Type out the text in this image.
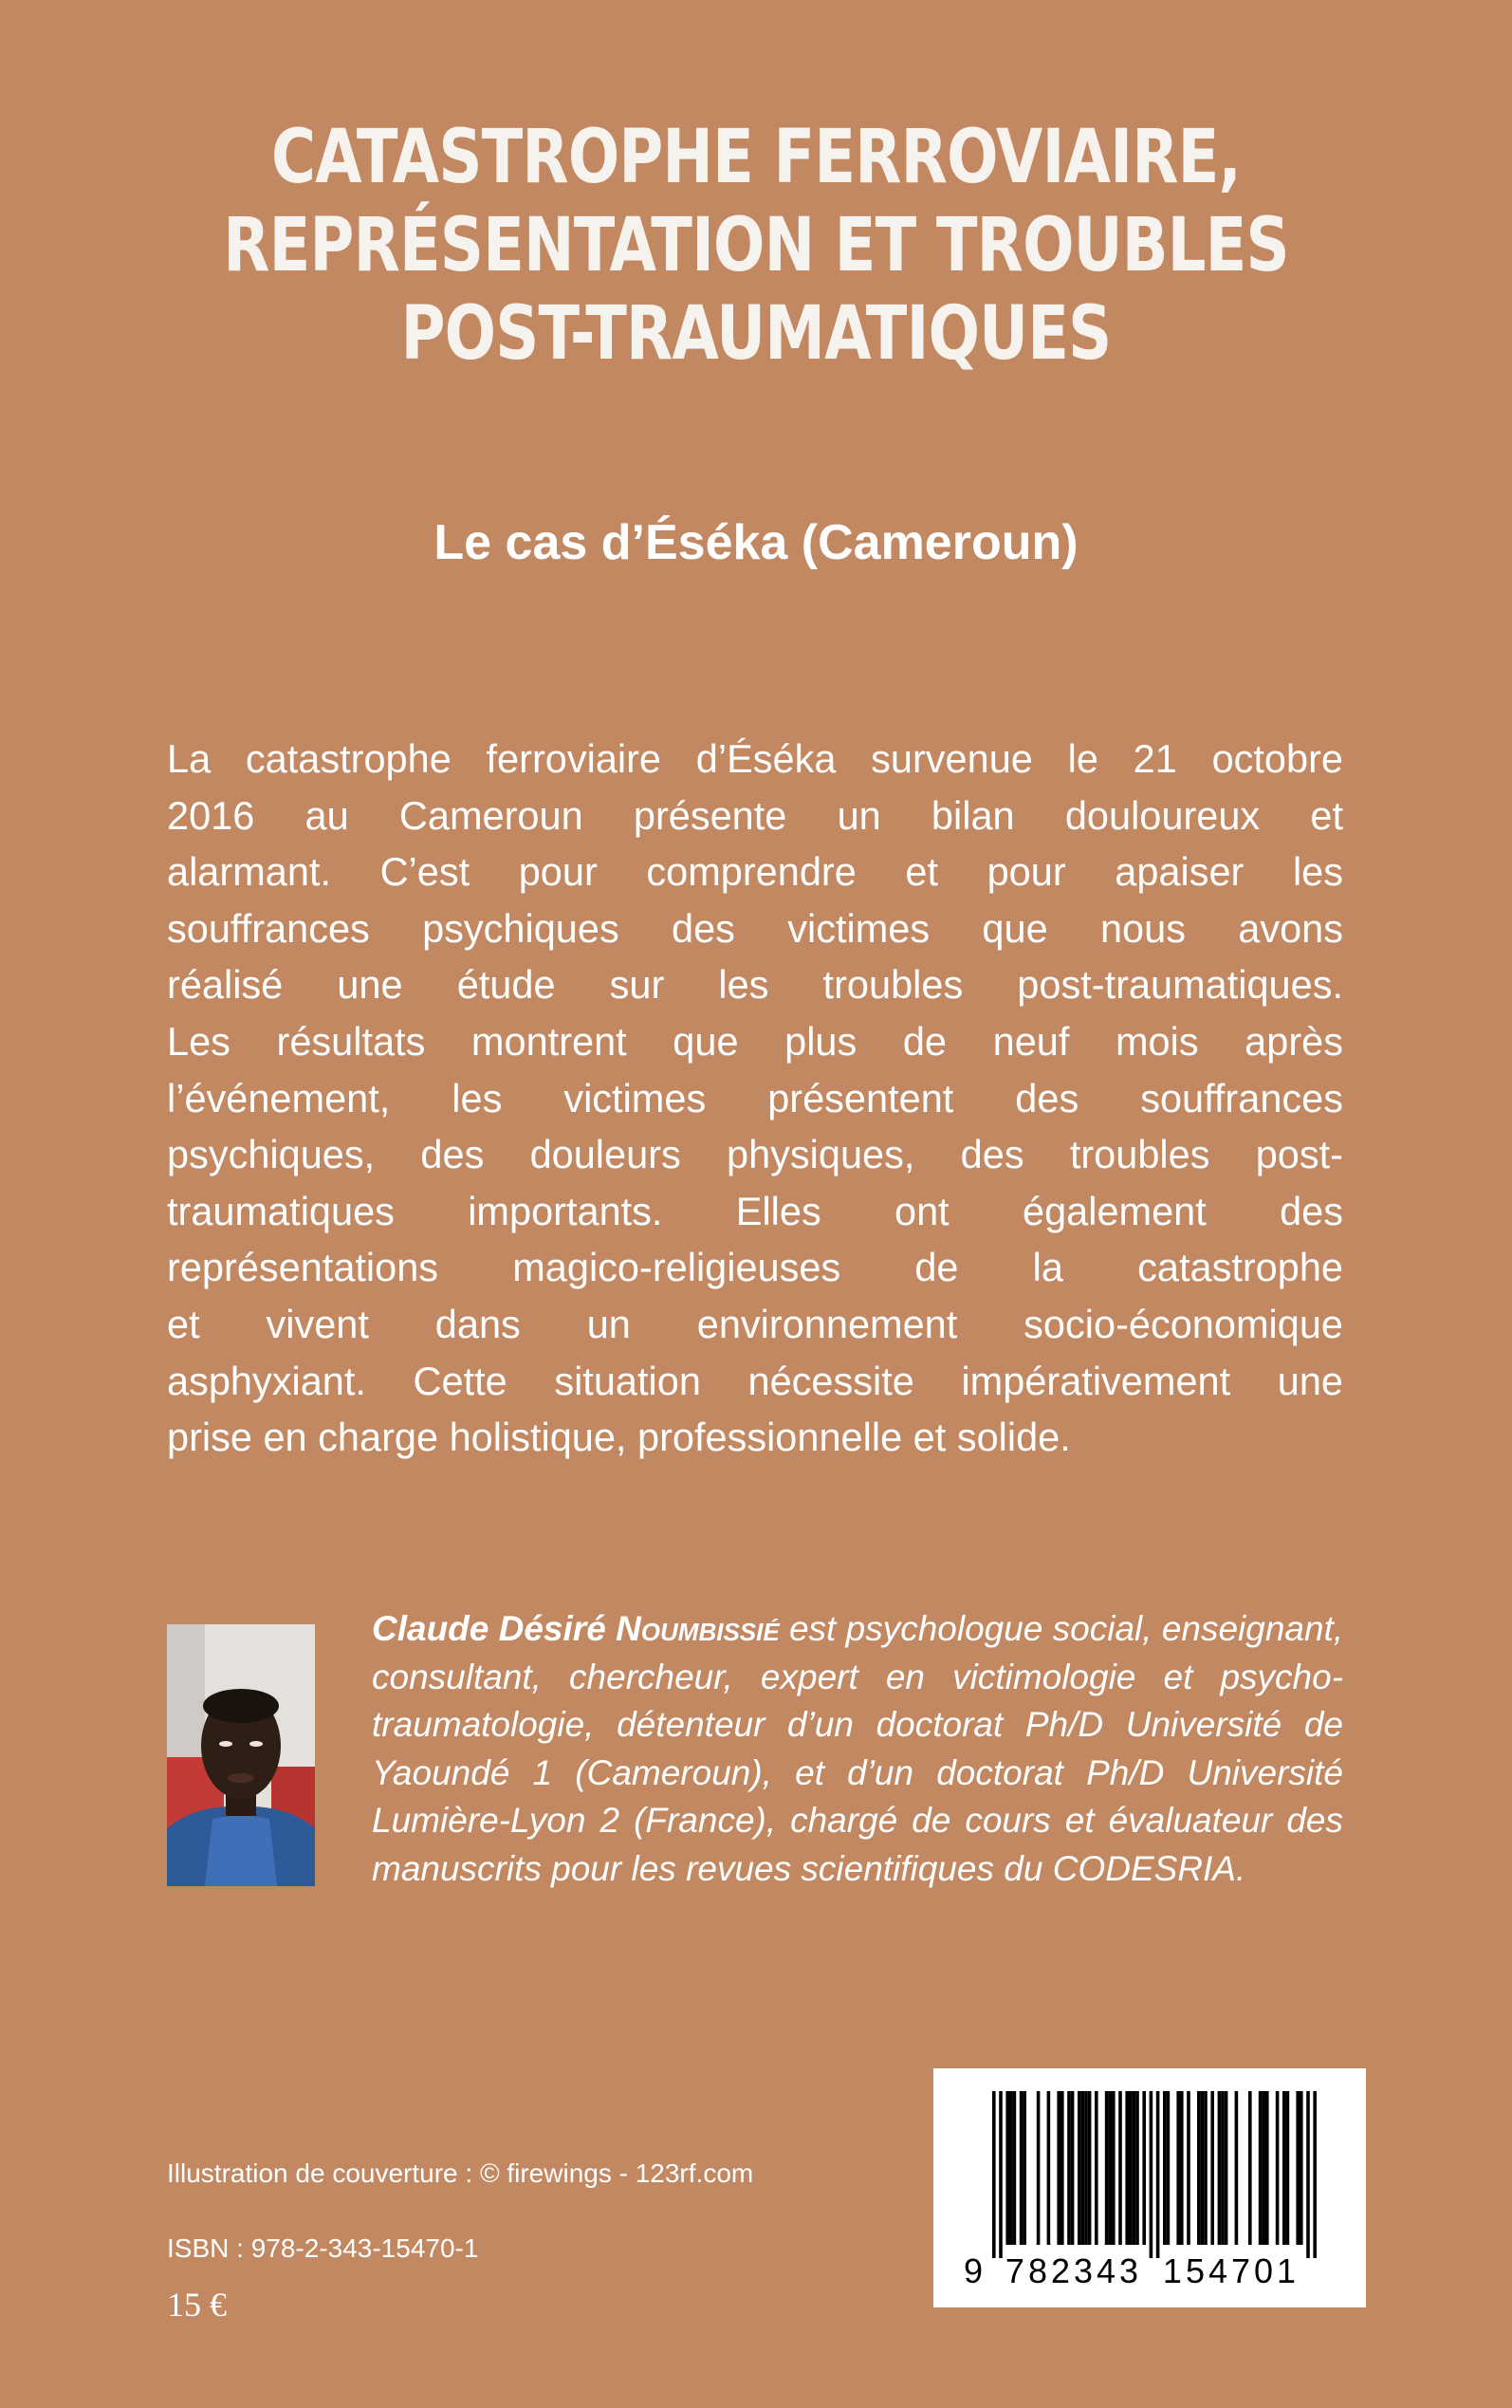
CATASTROPHE FERROVIAIRE,
REPRÉSENTATION ET TROUBLES
POST-TRAUMATIQUES
Le cas d’Éséka (Cameroun)
La catastrophe ferroviaire d’Éséka survenue le 21 octobre
2016 au Cameroun présente un bilan douloureux et
alarmant. C’est pour comprendre et pour apaiser les
souffrances psychiques des victimes que nous avons
réalisé une étude sur les troubles post-traumatiques.
Les résultats montrent que plus de neuf mois après
l’événement, les victimes présentent des souffrances
psychiques, des douleurs physiques, des troubles post-
traumatiques importants. Elles ont également des
représentations magico-religieuses de la catastrophe
et vivent dans un environnement socio-économique
asphyxiant. Cette situation nécessite impérativement une
prise en charge holistique, professionnelle et solide.
Claude Désiré Noumbissié est psychologue social, enseignant,
consultant, chercheur, expert en victimologie et psycho-
traumatologie, détenteur d’un doctorat Ph/D Université de
Yaoundé 1 (Cameroun), et d’un doctorat Ph/D Université
Lumière-Lyon 2 (France), chargé de cours et évaluateur des
manuscrits pour les revues scientifiques du CODESRIA.
Illustration de couverture : © firewings - 123rf.com
ISBN : 978-2-343-15470-1
15 €
9 782343 154701
